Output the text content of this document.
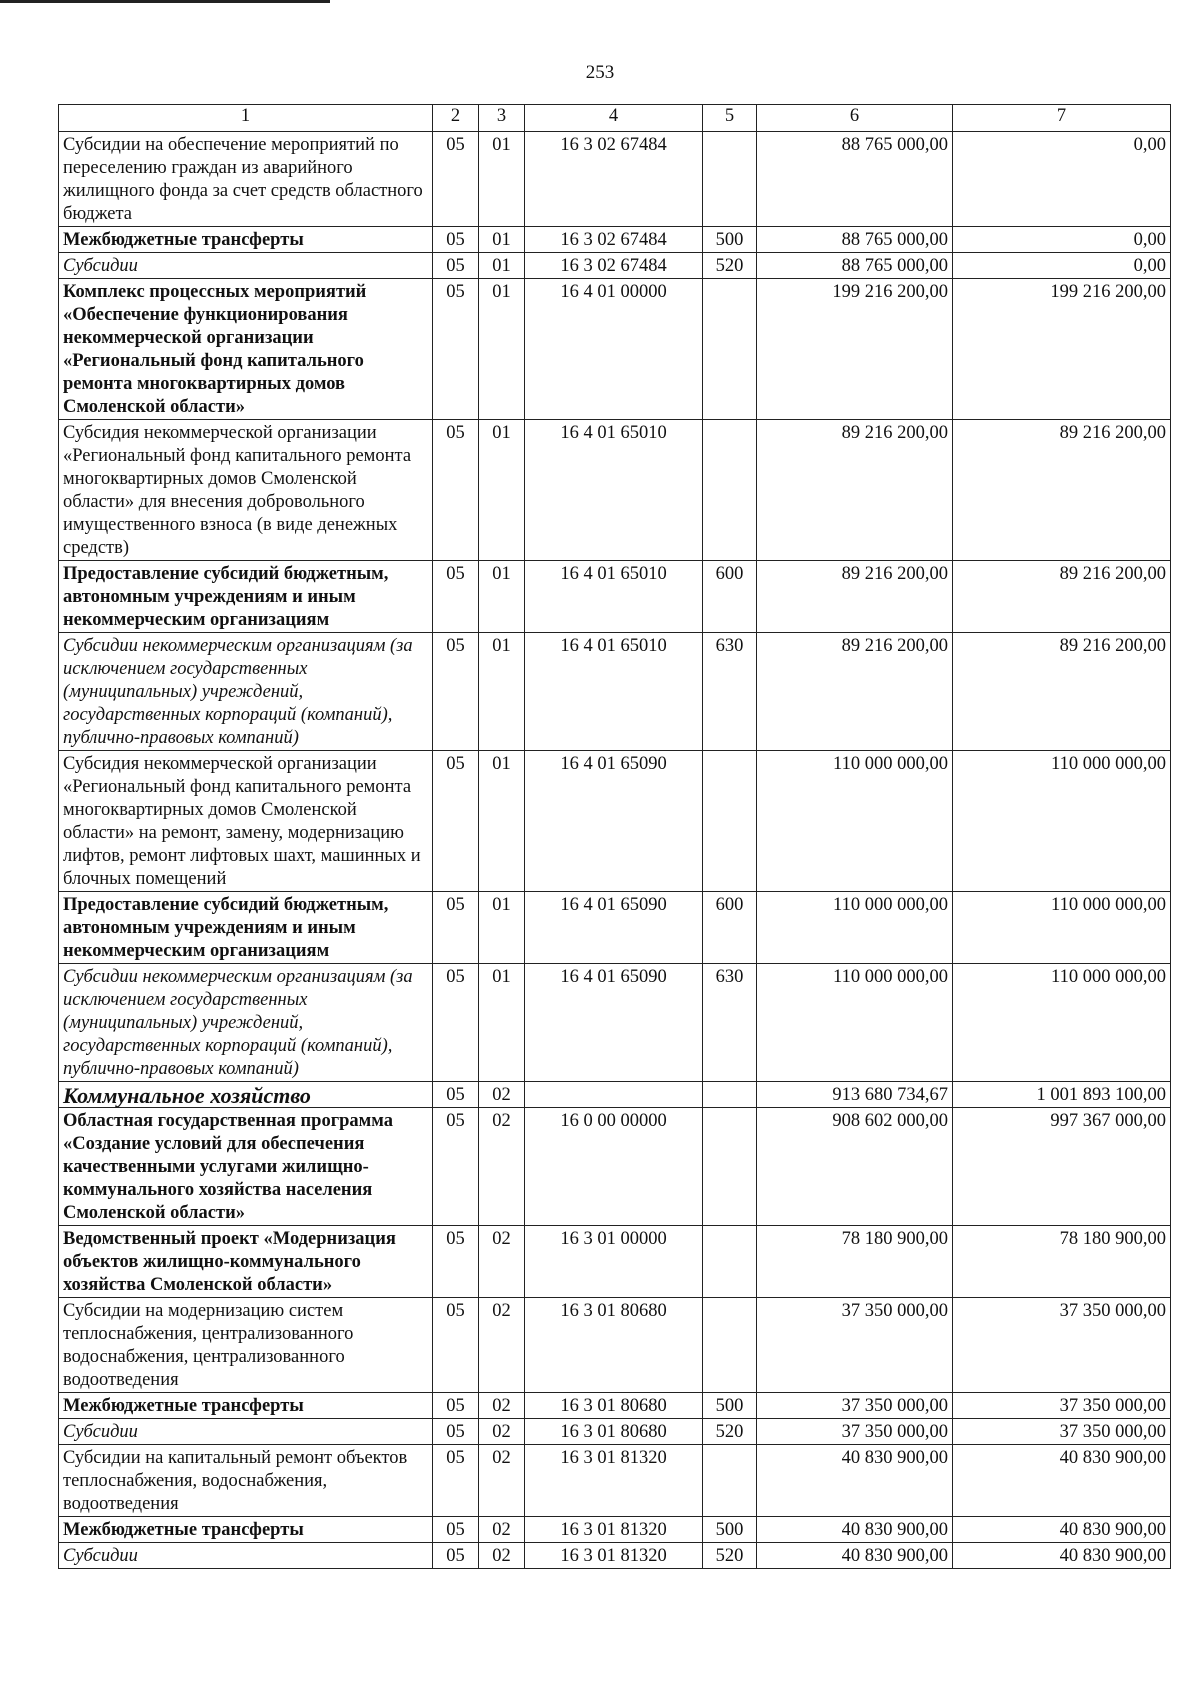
253
1	2	3	4	5	6	7
Субсидии на обеспечение мероприятий по переселению граждан из аварийного жилищного фонда за счет средств областного бюджета	05	01	16 3 02 67484		88 765 000,00	0,00
Межбюджетные трансферты	05	01	16 3 02 67484	500	88 765 000,00	0,00
Субсидии	05	01	16 3 02 67484	520	88 765 000,00	0,00
Комплекс процессных мероприятий «Обеспечение функционирования некоммерческой организации «Региональный фонд капитального ремонта многоквартирных домов Смоленской области»	05	01	16 4 01 00000		199 216 200,00	199 216 200,00
Субсидия некоммерческой организации «Региональный фонд капитального ремонта многоквартирных домов Смоленской области» для внесения добровольного имущественного взноса (в виде денежных средств)	05	01	16 4 01 65010		89 216 200,00	89 216 200,00
Предоставление субсидий бюджетным, автономным учреждениям и иным некоммерческим организациям	05	01	16 4 01 65010	600	89 216 200,00	89 216 200,00
Субсидии некоммерческим организациям (за исключением государственных (муниципальных) учреждений, государственных корпораций (компаний), публично-правовых компаний)	05	01	16 4 01 65010	630	89 216 200,00	89 216 200,00
Субсидия некоммерческой организации «Региональный фонд капитального ремонта многоквартирных домов Смоленской области» на ремонт, замену, модернизацию лифтов, ремонт лифтовых шахт, машинных и блочных помещений	05	01	16 4 01 65090		110 000 000,00	110 000 000,00
Предоставление субсидий бюджетным, автономным учреждениям и иным некоммерческим организациям	05	01	16 4 01 65090	600	110 000 000,00	110 000 000,00
Субсидии некоммерческим организациям (за исключением государственных (муниципальных) учреждений, государственных корпораций (компаний), публично-правовых компаний)	05	01	16 4 01 65090	630	110 000 000,00	110 000 000,00
Коммунальное хозяйство	05	02			913 680 734,67	1 001 893 100,00
Областная государственная программа «Создание условий для обеспечения качественными услугами жилищно-коммунального хозяйства населения Смоленской области»	05	02	16 0 00 00000		908 602 000,00	997 367 000,00
Ведомственный проект «Модернизация объектов жилищно-коммунального хозяйства Смоленской области»	05	02	16 3 01 00000		78 180 900,00	78 180 900,00
Субсидии на модернизацию систем теплоснабжения, централизованного водоснабжения, централизованного водоотведения	05	02	16 3 01 80680		37 350 000,00	37 350 000,00
Межбюджетные трансферты	05	02	16 3 01 80680	500	37 350 000,00	37 350 000,00
Субсидии	05	02	16 3 01 80680	520	37 350 000,00	37 350 000,00
Субсидии на капитальный ремонт объектов теплоснабжения, водоснабжения, водоотведения	05	02	16 3 01 81320		40 830 900,00	40 830 900,00
Межбюджетные трансферты	05	02	16 3 01 81320	500	40 830 900,00	40 830 900,00
Субсидии	05	02	16 3 01 81320	520	40 830 900,00	40 830 900,00
